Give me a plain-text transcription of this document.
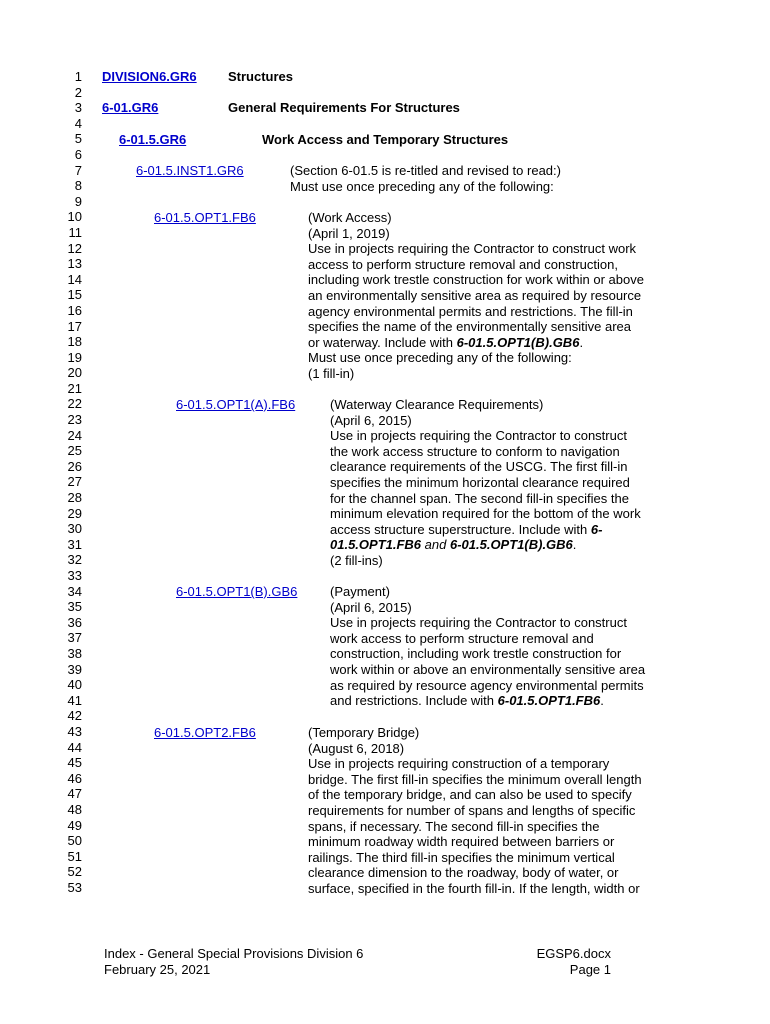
1
2
3
4
5
6
7
8
9
10
11
12
13
14
15
16
17
18
19
20
21
22
23
24
25
26
27
28
29
30
31
32
33
34
35
36
37
38
39
40
41
42
43
44
45
46
47
48
49
50
51
52
53
DIVISION6.GR6 Structures
6-01.GR6	General Requirements For Structures
6-01.5.GR6	Work Access and Temporary Structures
6-01.5.INST1.GR6	(Section 6-01.5 is re-titled and revised to read:)
Must use once preceding any of the following:
6-01.5.OPT1.FB6	(Work Access)
(April 1, 2019)
Use in projects requiring the Contractor to construct work
access to perform structure removal and construction,
including work trestle construction for work within or above
an environmentally sensitive area as required by resource
agency environmental permits and restrictions. The fill-in
specifies the name of the environmentally sensitive area
or waterway. Include with 6-01.5.OPT1(B).GB6.
Must use once preceding any of the following:
(1 fill-in)
6-01.5.OPT1(A).FB6	(Waterway Clearance Requirements)
(April 6, 2015)
Use in projects requiring the Contractor to construct
the work access structure to conform to navigation
clearance requirements of the USCG. The first fill-in
specifies the minimum horizontal clearance required
for the channel span. The second fill-in specifies the
minimum elevation required for the bottom of the work
access structure superstructure. Include with 6-
01.5.OPT1.FB6 and 6-01.5.OPT1(B).GB6.
(2 fill-ins)
6-01.5.OPT1(B).GB6	(Payment)
(April 6, 2015)
Use in projects requiring the Contractor to construct
work access to perform structure removal and
construction, including work trestle construction for
work within or above an environmentally sensitive area
as required by resource agency environmental permits
and restrictions. Include with 6-01.5.OPT1.FB6.
6-01.5.OPT2.FB6	(Temporary Bridge)
(August 6, 2018)
Use in projects requiring construction of a temporary
bridge. The first fill-in specifies the minimum overall length
of the temporary bridge, and can also be used to specify
requirements for number of spans and lengths of specific
spans, if necessary. The second fill-in specifies the
minimum roadway width required between barriers or
railings. The third fill-in specifies the minimum vertical
clearance dimension to the roadway, body of water, or
surface, specified in the fourth fill-in. If the length, width or
Index - General Special Provisions Division 6
February 25, 2021
EGSP6.docx
Page 1
